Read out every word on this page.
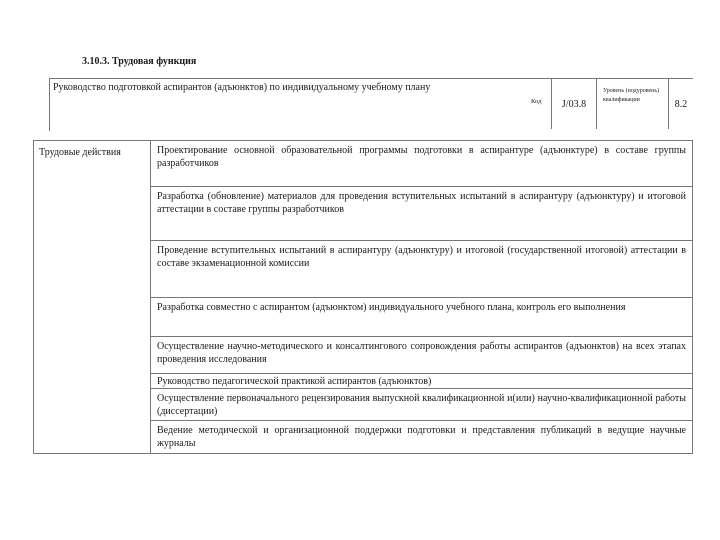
3.10.3. Трудовая функция
Руководство подготовкой аспирантов (адъюнктов) по индивидуальному учебному плану
Код	J/03.8
Уровень (подуровень) квалификации	8.2
Трудовые действия	Проектирование основной образовательной программы подготовки в аспирантуре (адъюнктуре) в составе группы разработчиков
Разработка (обновление) материалов для проведения вступительных испытаний в аспирантуру (адъюнктуру) и итоговой аттестации в составе группы разработчиков
Проведение вступительных испытаний в аспирантуру (адъюнктуру) и итоговой (государственной итоговой) аттестации в составе экзаменационной комиссии
Разработка совместно с аспирантом (адъюнктом) индивидуального учебного плана, контроль его выполнения
Осуществление научно-методического и консалтингового сопровождения работы аспирантов (адъюнктов) на всех этапах проведения исследования
Руководство педагогической практикой аспирантов (адъюнктов)
Осуществление первоначального рецензирования выпускной квалификационной и(или) научно-квалификационной работы (диссертации)
Ведение методической и организационной поддержки подготовки и представления публикаций в ведущие научные журналы
